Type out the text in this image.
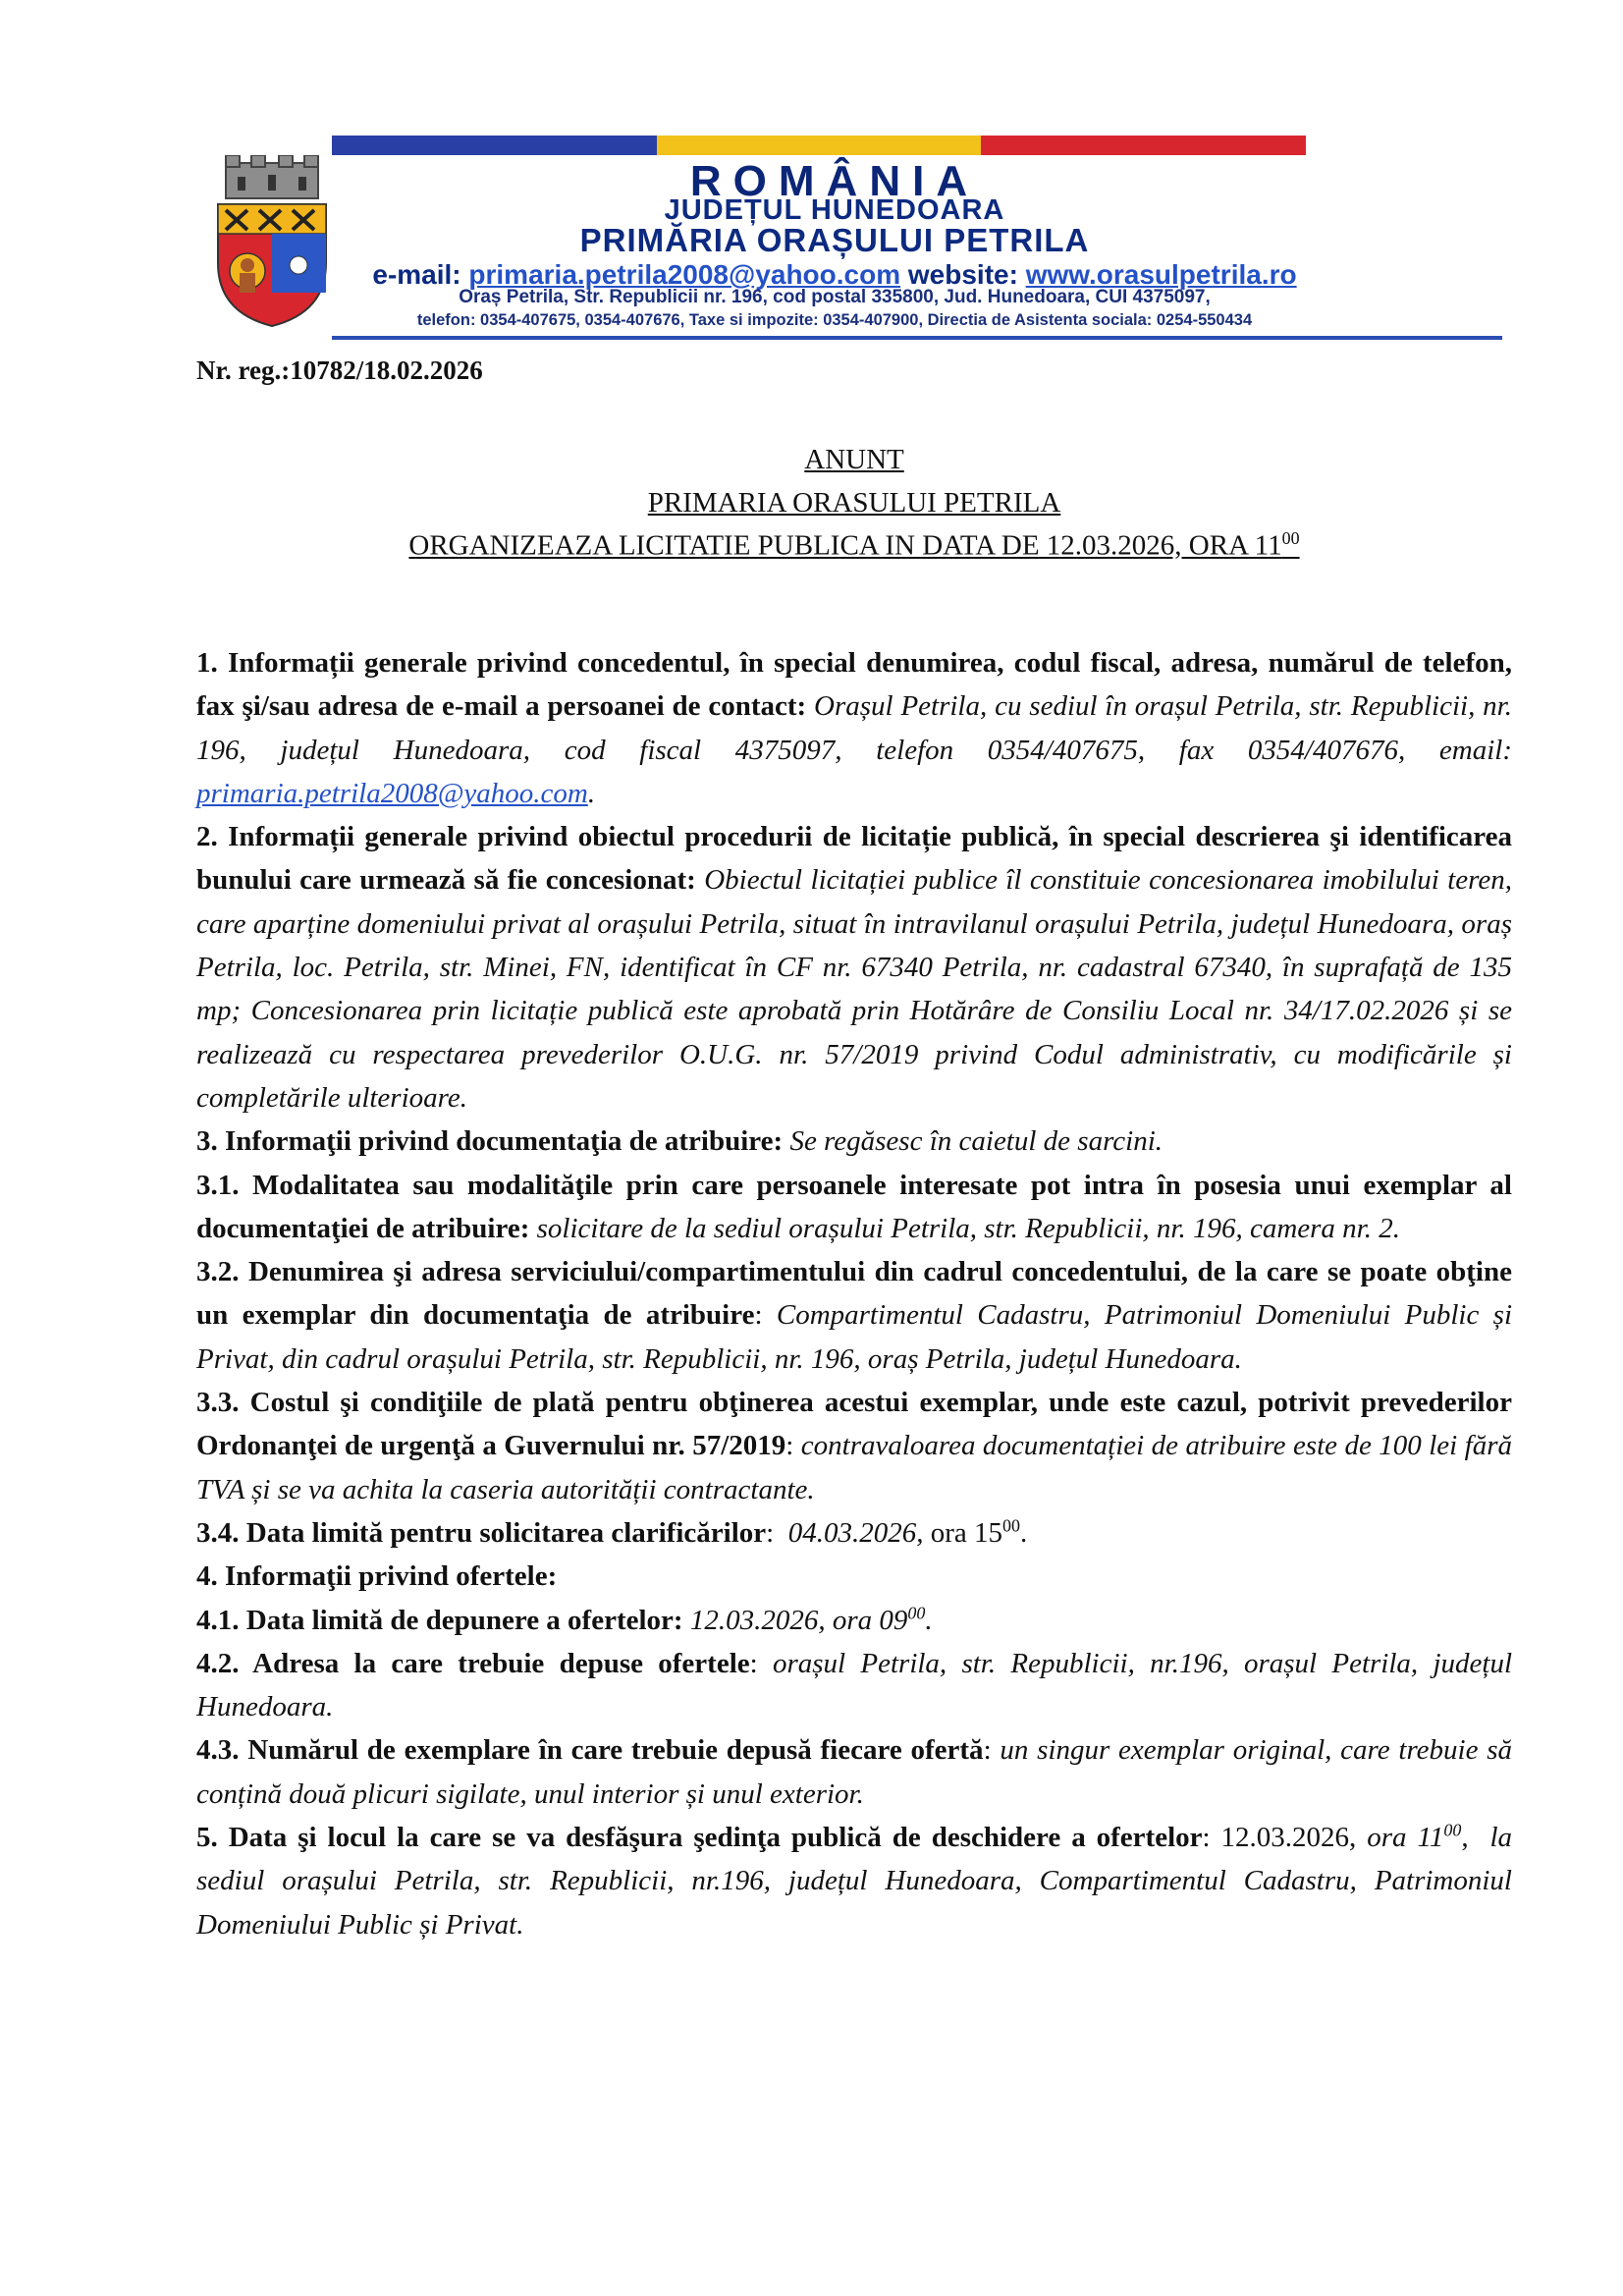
ROMÂNIA
JUDEȚUL HUNEDOARA
PRIMĂRIA ORAȘULUI PETRILA
e-mail: primaria.petrila2008@yahoo.com website: www.orasulpetrila.ro
Oraș Petrila, Str. Republicii nr. 196, cod postal 335800, Jud. Hunedoara, CUI 4375097,
telefon: 0354-407675, 0354-407676, Taxe si impozite: 0354-407900, Directia de Asistenta sociala: 0254-550434
Nr. reg.:10782/18.02.2026
ANUNT
PRIMARIA ORASULUI PETRILA
ORGANIZEAZA LICITATIE PUBLICA IN DATA DE 12.03.2026, ORA $11^{00}$

1. Informații generale privind concedentul, în special denumirea, codul fiscal, adresa, numărul de telefon, fax şi/sau adresa de e-mail a persoanei de contact: Orașul Petrila, cu sediul în orașul Petrila, str. Republicii, nr. 196, județul Hunedoara, cod fiscal 4375097, telefon 0354/407675, fax 0354/407676, email: primaria.petrila2008@yahoo.com.

2. Informații generale privind obiectul procedurii de licitație publică, în special descrierea şi identificarea bunului care urmează să fie concesionat: Obiectul licitației publice îl constituie concesionarea imobilului teren, care aparține domeniului privat al orașului Petrila, situat în intravilanul orașului Petrila, județul Hunedoara, oraș Petrila, loc. Petrila, str. Minei, FN, identificat în CF nr. 67340 Petrila, nr. cadastral 67340, în suprafață de 135 mp; Concesionarea prin licitație publică este aprobată prin Hotărâre de Consiliu Local nr. 34/17.02.2026 și se realizează cu respectarea prevederilor O.U.G. nr. 57/2019 privind Codul administrativ, cu modificările și completările ulterioare.

3. Informaţii privind documentaţia de atribuire: Se regăsesc în caietul de sarcini.

3.1. Modalitatea sau modalităţile prin care persoanele interesate pot intra în posesia unui exemplar al documentaţiei de atribuire: solicitare de la sediul orașului Petrila, str. Republicii, nr. 196, camera nr. 2.

3.2. Denumirea şi adresa serviciului/compartimentului din cadrul concedentului, de la care se poate obţine un exemplar din documentaţia de atribuire: Compartimentul Cadastru, Patrimoniul Domeniului Public și Privat, din cadrul orașului Petrila, str. Republicii, nr. 196, oraș Petrila, județul Hunedoara.

3.3. Costul şi condiţiile de plată pentru obţinerea acestui exemplar, unde este cazul, potrivit prevederilor Ordonanţei de urgenţă a Guvernului nr. 57/2019: contravaloarea documentației de atribuire este de 100 lei fără TVA și se va achita la caseria autorității contractante.

3.4. Data limită pentru solicitarea clarificărilor:  04.03.2026, ora $15^{00}$.

4. Informaţii privind ofertele:

4.1. Data limită de depunere a ofertelor: 12.03.2026, ora $09^{00}$.

4.2. Adresa la care trebuie depuse ofertele: orașul Petrila, str. Republicii, nr.196, orașul Petrila, județul Hunedoara.

4.3. Numărul de exemplare în care trebuie depusă fiecare ofertă: un singur exemplar original, care trebuie să conțină două plicuri sigilate, unul interior și unul exterior.

5. Data şi locul la care se va desfăşura şedinţa publică de deschidere a ofertelor: 12.03.2026, ora $11^{00}$,  la sediul orașului Petrila, str. Republicii, nr.196, județul Hunedoara, Compartimentul Cadastru, Patrimoniul Domeniului Public și Privat.
